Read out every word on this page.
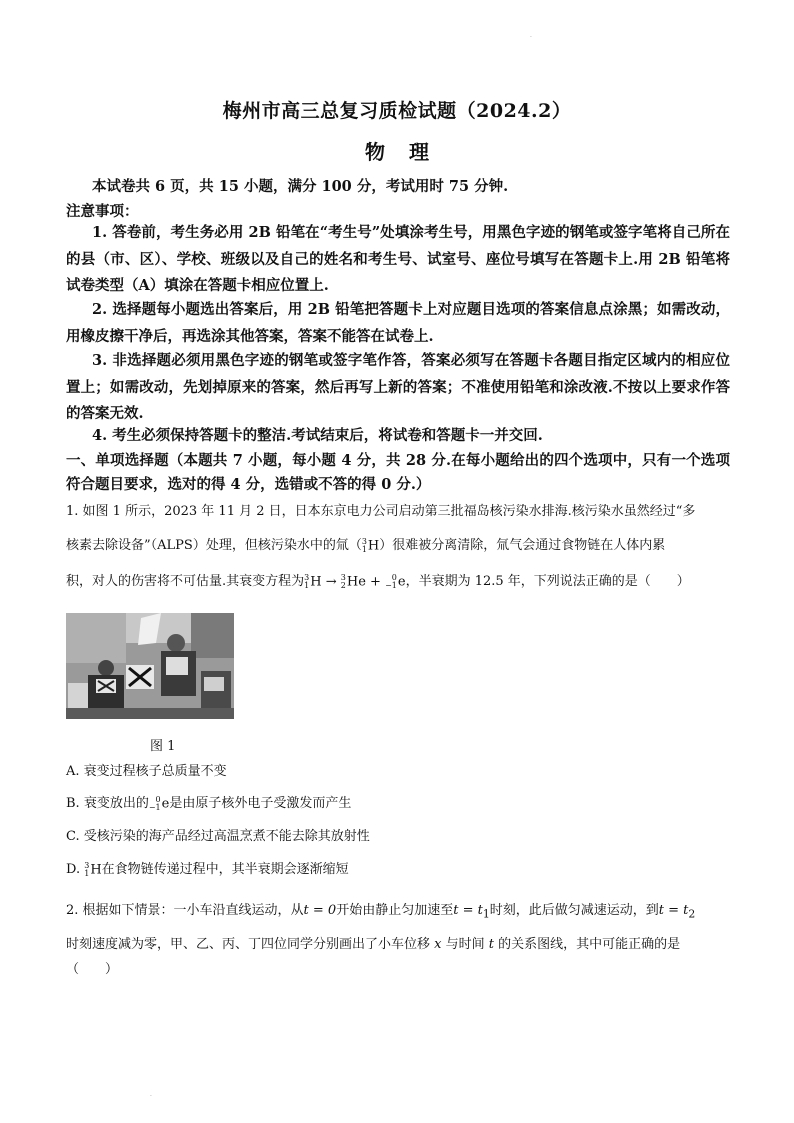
·
梅州市高三总复习质检试题（2024.2）
物理
本试卷共 6 页，共 15 小题，满分 100 分，考试用时 75 分钟.
注意事项：

1. 答卷前，考生务必用 2B 铅笔在“考生号”处填涂考生号，用黑色字迹的钢笔或签字笔将自己所在的县（市、区）、学校、班级以及自己的姓名和考生号、试室号、座位号填写在答题卡上.用 2B 铅笔将试卷类型（A）填涂在答题卡相应位置上.

2. 选择题每小题选出答案后，用 2B 铅笔把答题卡上对应题目选项的答案信息点涂黑；如需改动，用橡皮擦干净后，再选涂其他答案，答案不能答在试卷上.

3. 非选择题必须用黑色字迹的钢笔或签字笔作答，答案必须写在答题卡各题目指定区域内的相应位置上；如需改动，先划掉原来的答案，然后再写上新的答案；不准使用铅笔和涂改液.不按以上要求作答的答案无效.

4. 考生必须保持答题卡的整洁.考试结束后，将试卷和答题卡一并交回.

一、单项选择题（本题共 7 小题，每小题 4 分，共 28 分.在每小题给出的四个选项中，只有一个选项符合题目要求，选对的得 4 分，选错或不答的得 0 分.）

1. 如图 1 所示，2023 年 11 月 2 日，日本东京电力公司启动第三批福岛核污染水排海.核污染水虽然经过“多

核素去除设备”（ALPS）处理，但核污染水中的氚（ 3
1 H）很难被分离清除，氚气会通过食物链在人体内累

积，对人的伤害将不可估量.其衰变方程为 3
1 H → 3
2 He +	0
−1 e，半衰期为 12.5 年，下列说法正确的是（　　）

图 1
A. 衰变过程核子总质量不变
B. 衰变放出的 0
−1 e是由原子核外电子受激发而产生
C. 受核污染的海产品经过高温烹煮不能去除其放射性
D. 3
1 H在食物链传递过程中，其半衰期会逐渐缩短

2. 根据如下情景：一小车沿直线运动，从t = 0开始由静止匀加速至$t = t_1$时刻，此后做匀减速运动，到$t = t_2$

时刻速度减为零，甲、乙、丙、丁四位同学分别画出了小车位移 x 与时间 t 的关系图线，其中可能正确的是

（　　）
·
